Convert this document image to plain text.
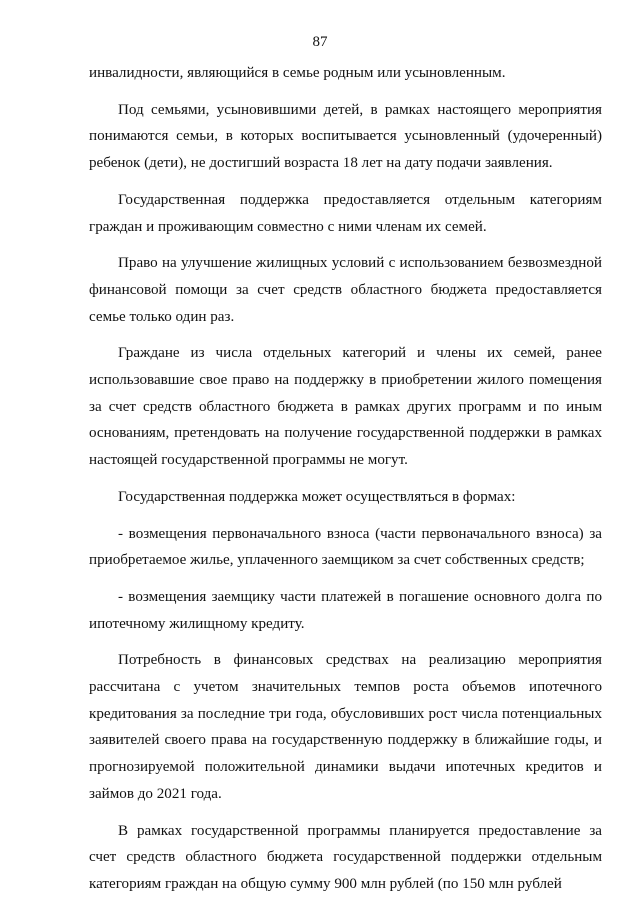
87

инвалидности, являющийся в семье родным или усыновленным.

Под семьями, усыновившими детей, в рамках настоящего мероприятия понимаются семьи, в которых воспитывается усыновленный (удочеренный) ребенок (дети), не достигший возраста 18 лет на дату подачи заявления.

Государственная поддержка предоставляется отдельным категориям граждан и проживающим совместно с ними членам их семей.

Право на улучшение жилищных условий с использованием безвозмездной финансовой помощи за счет средств областного бюджета предоставляется семье только один раз.

Граждане из числа отдельных категорий и члены их семей, ранее использовавшие свое право на поддержку в приобретении жилого помещения за счет средств областного бюджета в рамках других программ и по иным основаниям, претендовать на получение государственной поддержки в рамках настоящей государственной программы не могут.

Государственная поддержка может осуществляться в формах:

- возмещения первоначального взноса (части первоначального взноса) за приобретаемое жилье, уплаченного заемщиком за счет собственных средств;

- возмещения заемщику части платежей в погашение основного долга по ипотечному жилищному кредиту.

Потребность в финансовых средствах на реализацию мероприятия рассчитана с учетом значительных темпов роста объемов ипотечного кредитования за последние три года, обусловивших рост числа потенциальных заявителей своего права на государственную поддержку в ближайшие годы, и прогнозируемой положительной динамики выдачи ипотечных кредитов и займов до 2021 года.

В рамках государственной программы планируется предоставление за счет средств областного бюджета государственной поддержки отдельным категориям граждан на общую сумму 900 млн рублей (по 150 млн рублей
